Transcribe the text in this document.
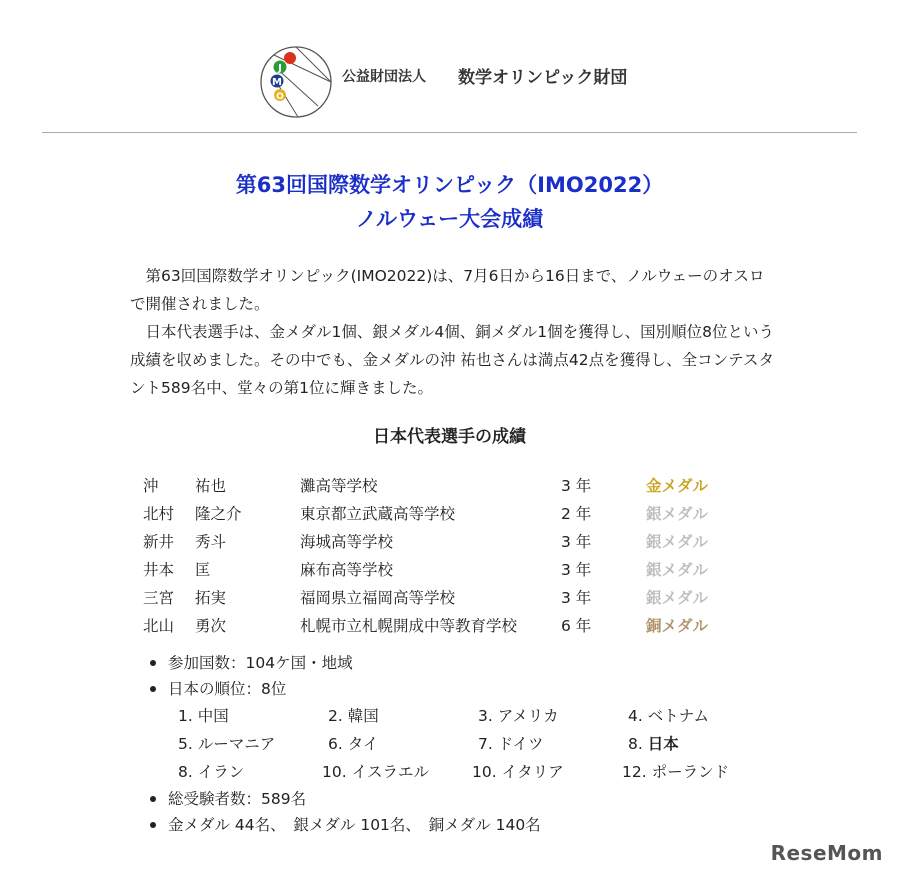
J
M
O
公益財団法人 数学オリンピック財団
第63回国際数学オリンピック（IMO2022）
ノルウェー大会成績

　第63回国際数学オリンピック(IMO2022)は、7月6日から16日まで、ノルウェーのオスロで開催されました。

　日本代表選手は、金メダル1個、銀メダル4個、銅メダル1個を獲得し、国別順位8位という成績を収めました。その中でも、金メダルの沖 祐也さんは満点42点を獲得し、全コンテスタント589名中、堂々の第1位に輝きました。

日本代表選手の成績
沖 祐也	灘高等学校	3 年	金メダル
北村 隆之介	東京都立武蔵高等学校	2 年	銀メダル
新井 秀斗	海城高等学校	3 年	銀メダル
井本 匡	麻布高等学校	3 年	銀メダル
三宮 拓実	福岡県立福岡高等学校	3 年	銀メダル
北山 勇次	札幌市立札幌開成中等教育学校	6 年	銅メダル
参加国数：104ケ国・地域
日本の順位：8位
1. 中国	2. 韓国	3. アメリカ	4. ベトナム
5. ルーマニア	6. タイ	7. ドイツ	8. 日本
8. イラン	10. イスラエル	10. イタリア	12. ポーランド
総受験者数：589名
金メダル 44名、　銀メダル 101名、　銅メダル 140名
ReseMom
